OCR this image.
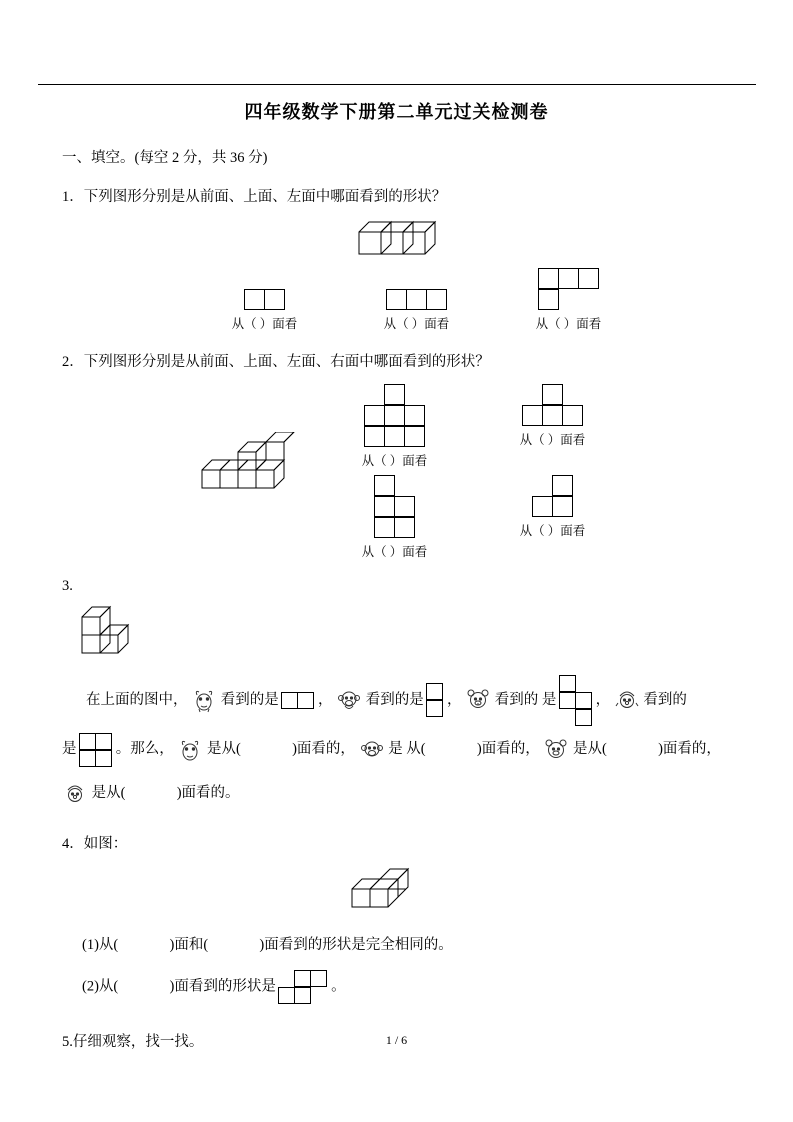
四年级数学下册第二单元过关检测卷
一、填空。(每空 2 分，共 36 分)
1．下列图形分别是从前面、上面、左面中哪面看到的形状？
从（ ）面看	从（ ）面看	从（ ）面看
2．下列图形分别是从前面、上面、左面、右面中哪面看到的形状？
从（ ）面看
从（ ）面看
从（ ）面看
从（ ）面看
3.
在上面的图中， 看到的是	， 看到的是 ， 看到的 是	， 看到的
是	。那么， 是从(	)面看的， 是 从(	)面看的， 是从(	)面看的，
是从(	)面看的。
4．如图：
(1)从(	)面和(	)面看到的形状是完全相同的。
(2)从(	)面看到的形状是	。
5.仔细观察，找一找。	1 / 6
